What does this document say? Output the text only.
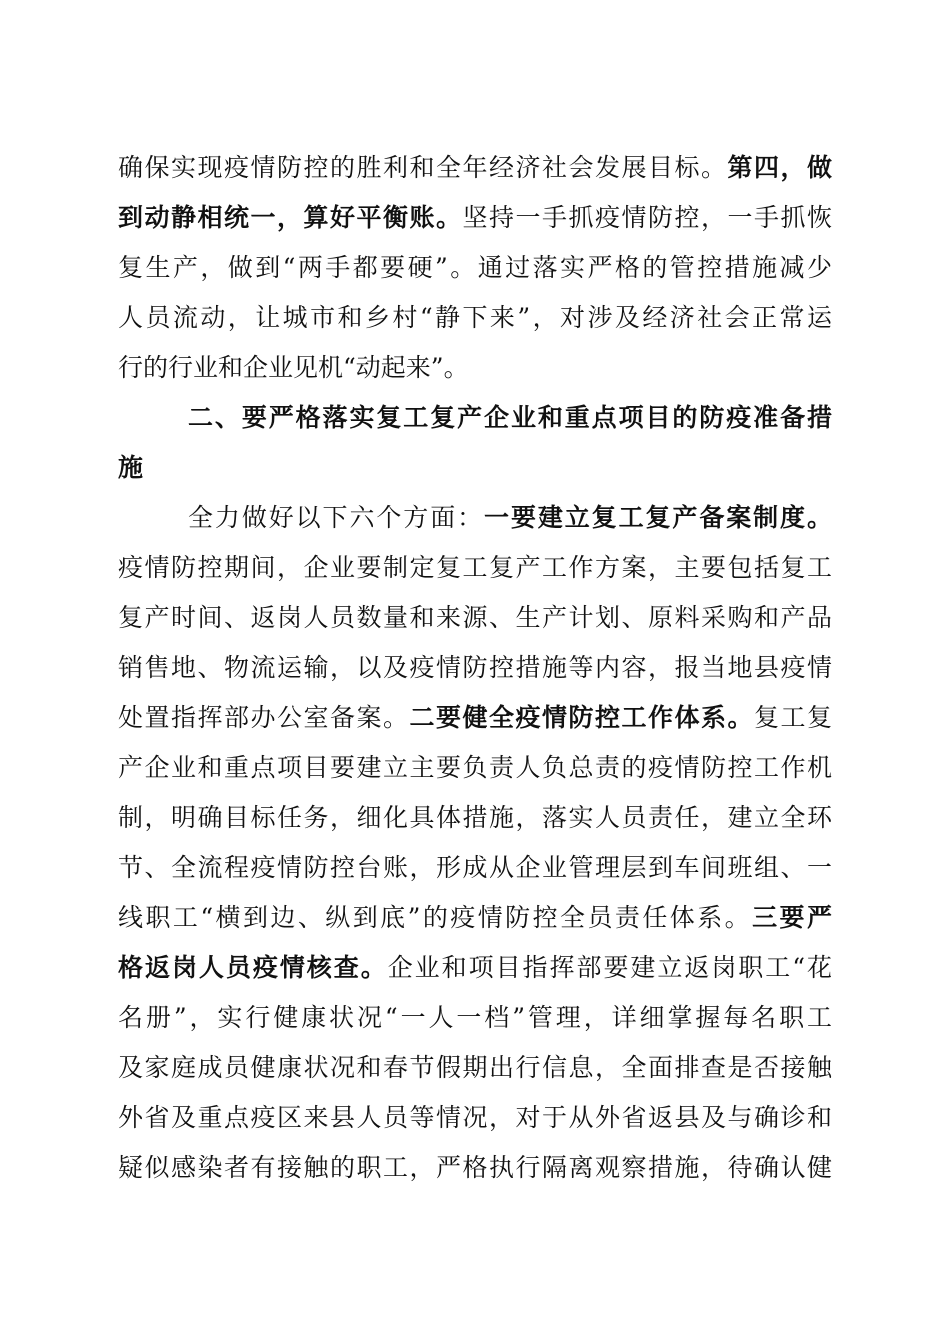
确保实现疫情防控的胜利和全年经济社会发展目标。第四，做
到动静相统一，算好平衡账。坚持一手抓疫情防控，一手抓恢
复生产，做到“两手都要硬”。通过落实严格的管控措施减少
人员流动，让城市和乡村“静下来”，对涉及经济社会正常运
行的行业和企业见机“动起来”。
二、要严格落实复工复产企业和重点项目的防疫准备措
施
全力做好以下六个方面：一要建立复工复产备案制度。
疫情防控期间，企业要制定复工复产工作方案，主要包括复工
复产时间、返岗人员数量和来源、生产计划、原料采购和产品
销售地、物流运输，以及疫情防控措施等内容，报当地县疫情
处置指挥部办公室备案。二要健全疫情防控工作体系。复工复
产企业和重点项目要建立主要负责人负总责的疫情防控工作机
制，明确目标任务，细化具体措施，落实人员责任，建立全环
节、全流程疫情防控台账，形成从企业管理层到车间班组、一
线职工“横到边、纵到底”的疫情防控全员责任体系。三要严
格返岗人员疫情核查。企业和项目指挥部要建立返岗职工“花
名册”，实行健康状况“一人一档”管理，详细掌握每名职工
及家庭成员健康状况和春节假期出行信息，全面排查是否接触
外省及重点疫区来县人员等情况，对于从外省返县及与确诊和
疑似感染者有接触的职工，严格执行隔离观察措施，待确认健
